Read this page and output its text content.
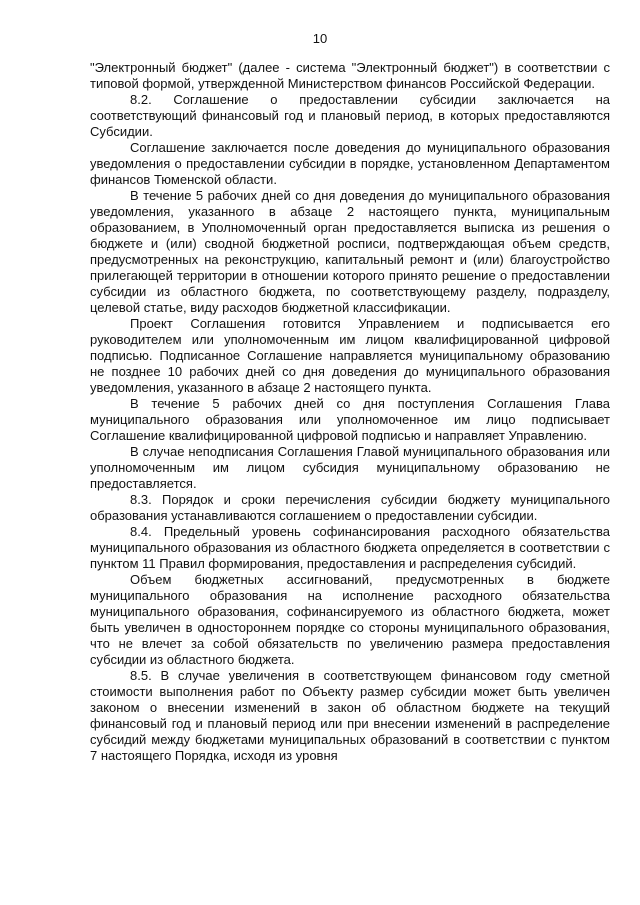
10

"Электронный бюджет" (далее - система "Электронный бюджет") в соответствии с типовой формой, утвержденной Министерством финансов Российской Федерации.

8.2. Соглашение о предоставлении субсидии заключается на соответствующий финансовый год и плановый период, в которых предоставляются Субсидии.

Соглашение заключается после доведения до муниципального образования уведомления о предоставлении субсидии в порядке, установленном Департаментом финансов Тюменской области.

В течение 5 рабочих дней со дня доведения до муниципального образования уведомления, указанного в абзаце 2 настоящего пункта, муниципальным образованием, в Уполномоченный орган предоставляется выписка из решения о бюджете и (или) сводной бюджетной росписи, подтверждающая объем средств, предусмотренных на реконструкцию, капитальный ремонт и (или) благоустройство прилегающей территории в отношении которого принято решение о предоставлении субсидии из областного бюджета, по соответствующему разделу, подразделу, целевой статье, виду расходов бюджетной классификации.

Проект Соглашения готовится Управлением и подписывается его руководителем или уполномоченным им лицом квалифицированной цифровой подписью. Подписанное Соглашение направляется муниципальному образованию не позднее 10 рабочих дней со дня доведения до муниципального образования уведомления, указанного в абзаце 2 настоящего пункта.

В течение 5 рабочих дней со дня поступления Соглашения Глава муниципального образования или уполномоченное им лицо подписывает Соглашение квалифицированной цифровой подписью и направляет Управлению.

В случае неподписания Соглашения Главой муниципального образования или уполномоченным им лицом субсидия муниципальному образованию не предоставляется.

8.3. Порядок и сроки перечисления субсидии бюджету муниципального образования устанавливаются соглашением о предоставлении субсидии.

8.4. Предельный уровень софинансирования расходного обязательства муниципального образования из областного бюджета определяется в соответствии с пунктом 11 Правил формирования, предоставления и распределения субсидий.

Объем бюджетных ассигнований, предусмотренных в бюджете муниципального образования на исполнение расходного обязательства муниципального образования, софинансируемого из областного бюджета, может быть увеличен в одностороннем порядке со стороны муниципального образования, что не влечет за собой обязательств по увеличению размера предоставления субсидии из областного бюджета.

8.5. В случае увеличения в соответствующем финансовом году сметной стоимости выполнения работ по Объекту размер субсидии может быть увеличен законом о внесении изменений в закон об областном бюджете на текущий финансовый год и плановый период или при внесении изменений в распределение субсидий между бюджетами муниципальных образований в соответствии с пунктом 7 настоящего Порядка, исходя из уровня
